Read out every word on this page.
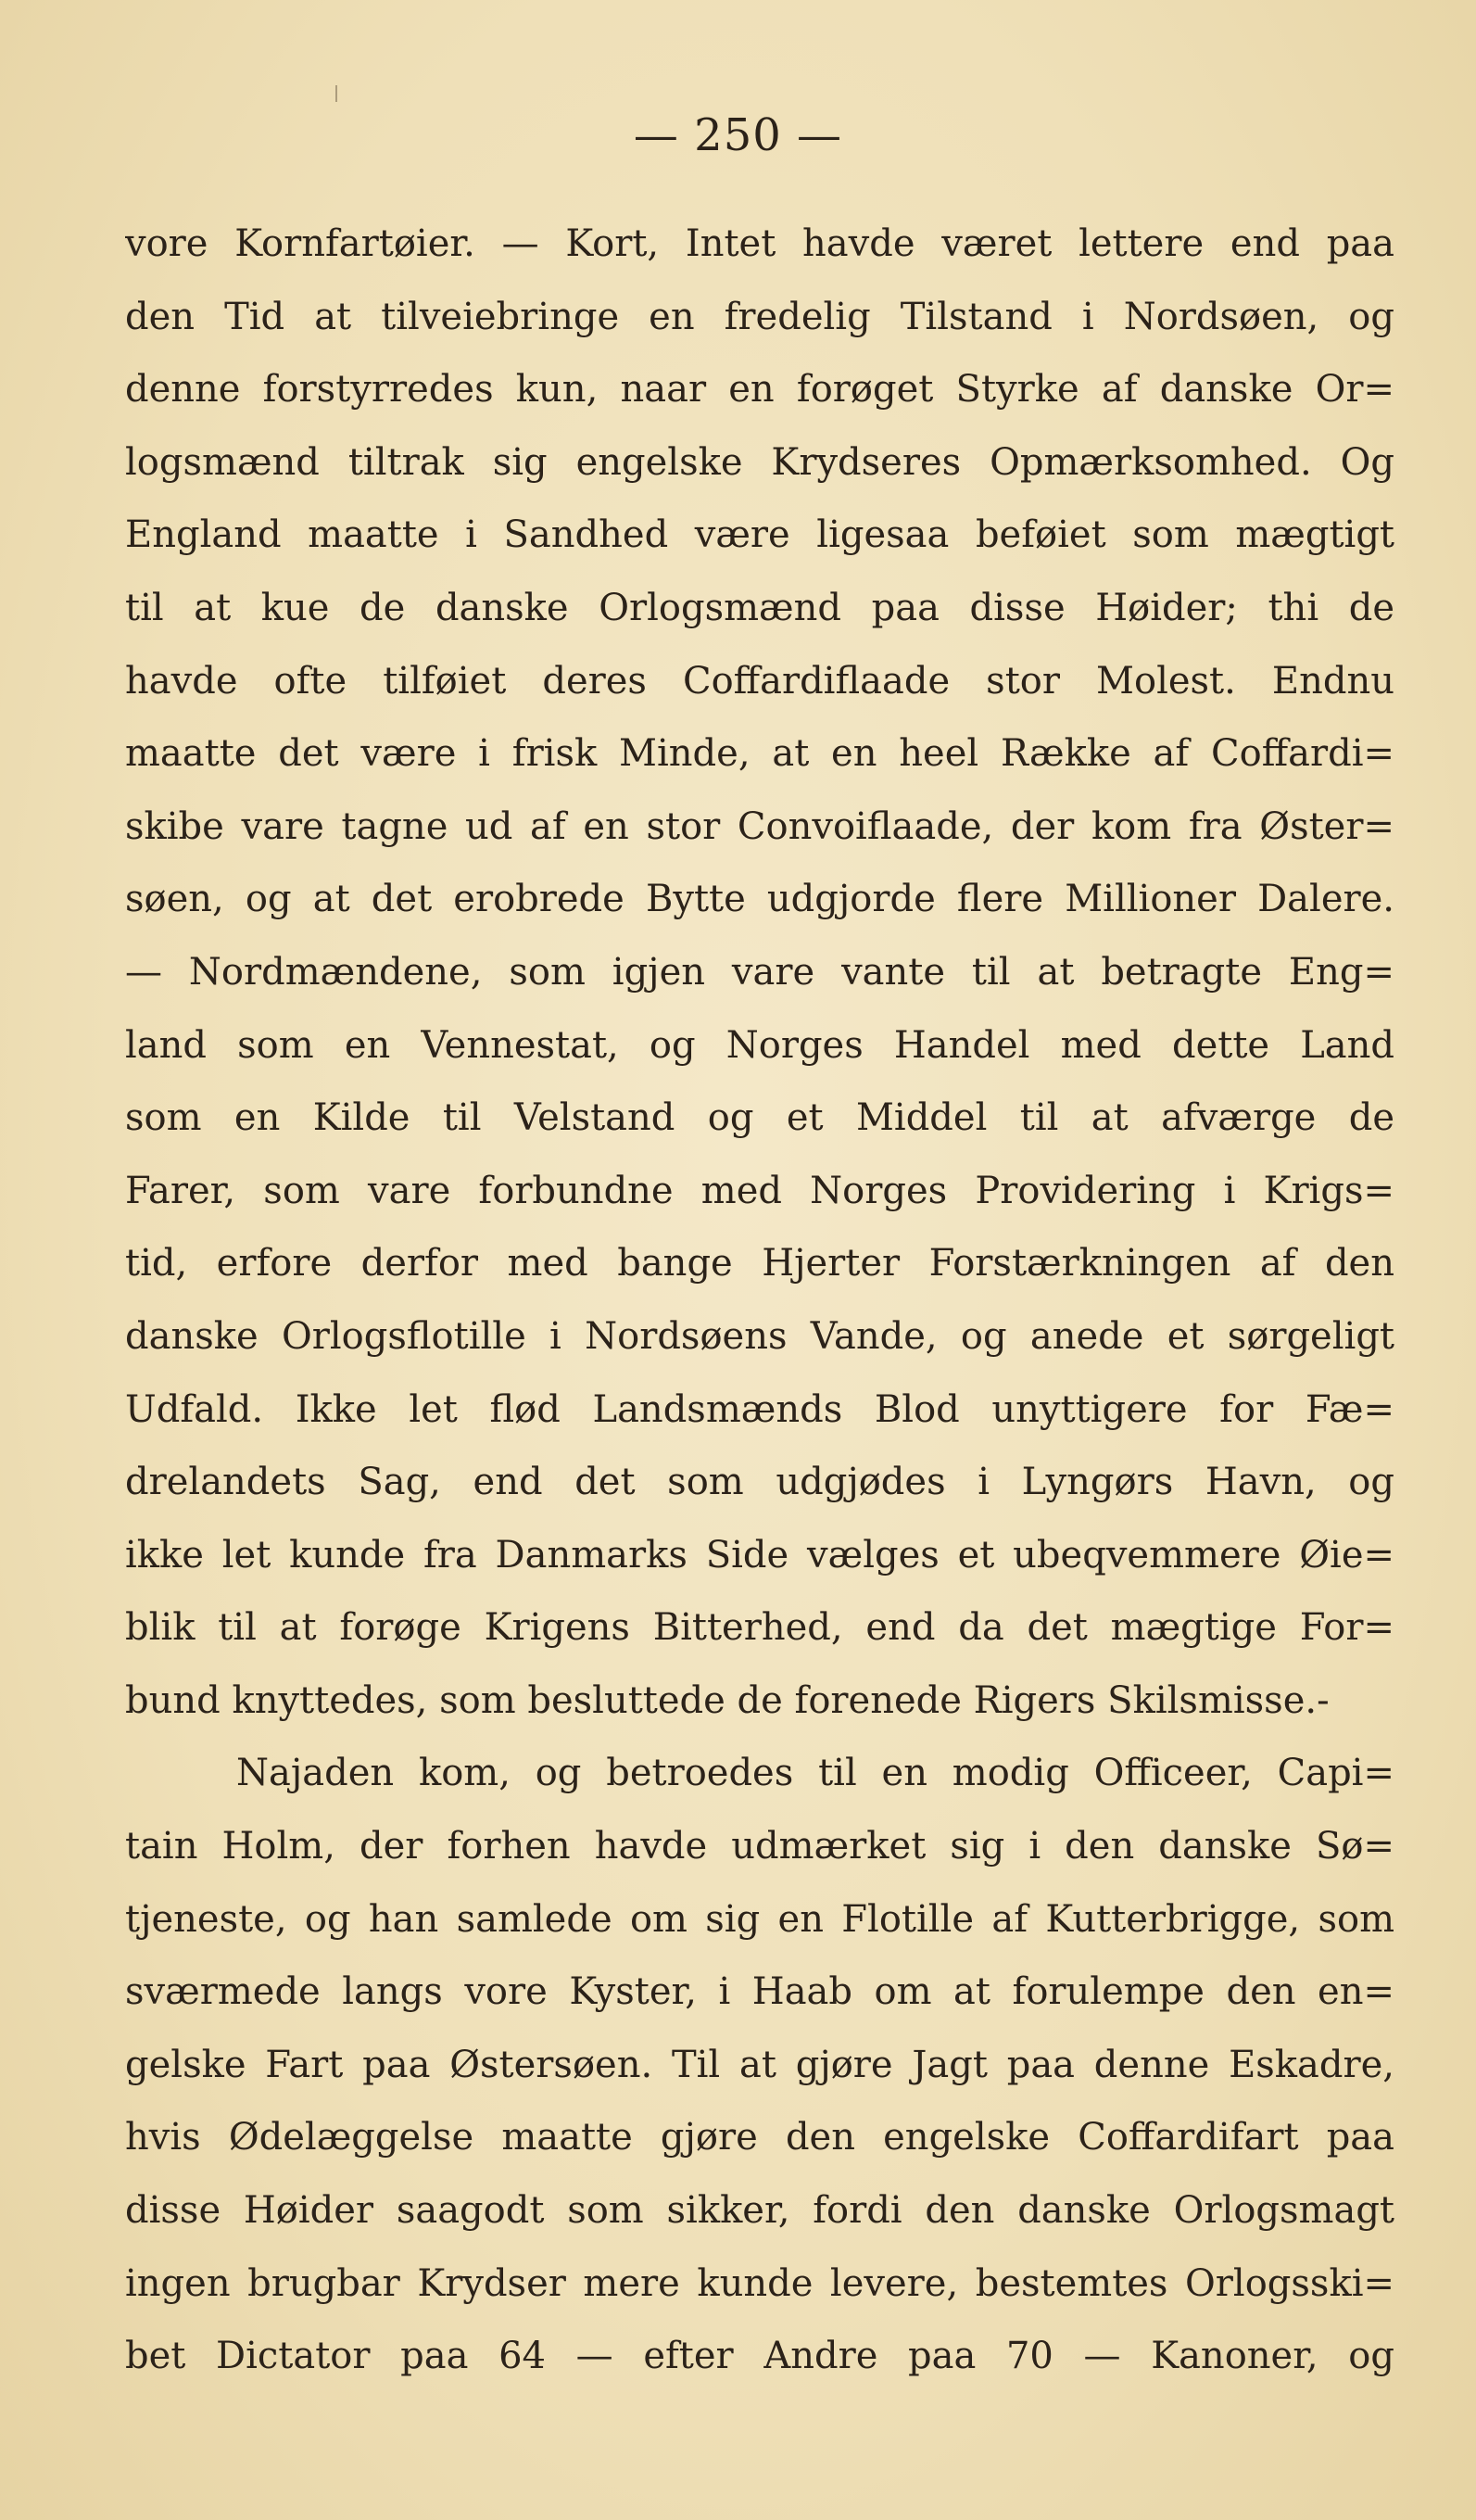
— 250 —
vore Kornfartøier. — Kort, Intet havde været lettere end paa
den Tid at tilveiebringe en fredelig Tilstand i Nordsøen, og
denne forstyrredes kun, naar en forøget Styrke af danske Or=
logsmænd tiltrak sig engelske Krydseres Opmærksomhed. Og
England maatte i Sandhed være ligesaa beføiet som mægtigt
til at kue de danske Orlogsmænd paa disse Høider; thi de
havde ofte tilføiet deres Coffardiflaade stor Molest. Endnu
maatte det være i frisk Minde, at en heel Række af Coffardi=
skibe vare tagne ud af en stor Convoiflaade, der kom fra Øster=
søen, og at det erobrede Bytte udgjorde flere Millioner Dalere.
— Nordmændene, som igjen vare vante til at betragte Eng=
land som en Vennestat, og Norges Handel med dette Land
som en Kilde til Velstand og et Middel til at afværge de
Farer, som vare forbundne med Norges Providering i Krigs=
tid, erfore derfor med bange Hjerter Forstærkningen af den
danske Orlogsflotille i Nordsøens Vande, og anede et sørgeligt
Udfald. Ikke let flød Landsmænds Blod unyttigere for Fæ=
drelandets Sag, end det som udgjødes i Lyngørs Havn, og
ikke let kunde fra Danmarks Side vælges et ubeqvemmere Øie=
blik til at forøge Krigens Bitterhed, end da det mægtige For=
bund knyttedes, som besluttede de forenede Rigers Skilsmisse.-
Najaden kom, og betroedes til en modig Officeer, Capi=
tain Holm, der forhen havde udmærket sig i den danske Sø=
tjeneste, og han samlede om sig en Flotille af Kutterbrigge, som
sværmede langs vore Kyster, i Haab om at forulempe den en=
gelske Fart paa Østersøen. Til at gjøre Jagt paa denne Eskadre,
hvis Ødelæggelse maatte gjøre den engelske Coffardifart paa
disse Høider saagodt som sikker, fordi den danske Orlogsmagt
ingen brugbar Krydser mere kunde levere, bestemtes Orlogsski=
bet Dictator paa 64 — efter Andre paa 70 — Kanoner, og
